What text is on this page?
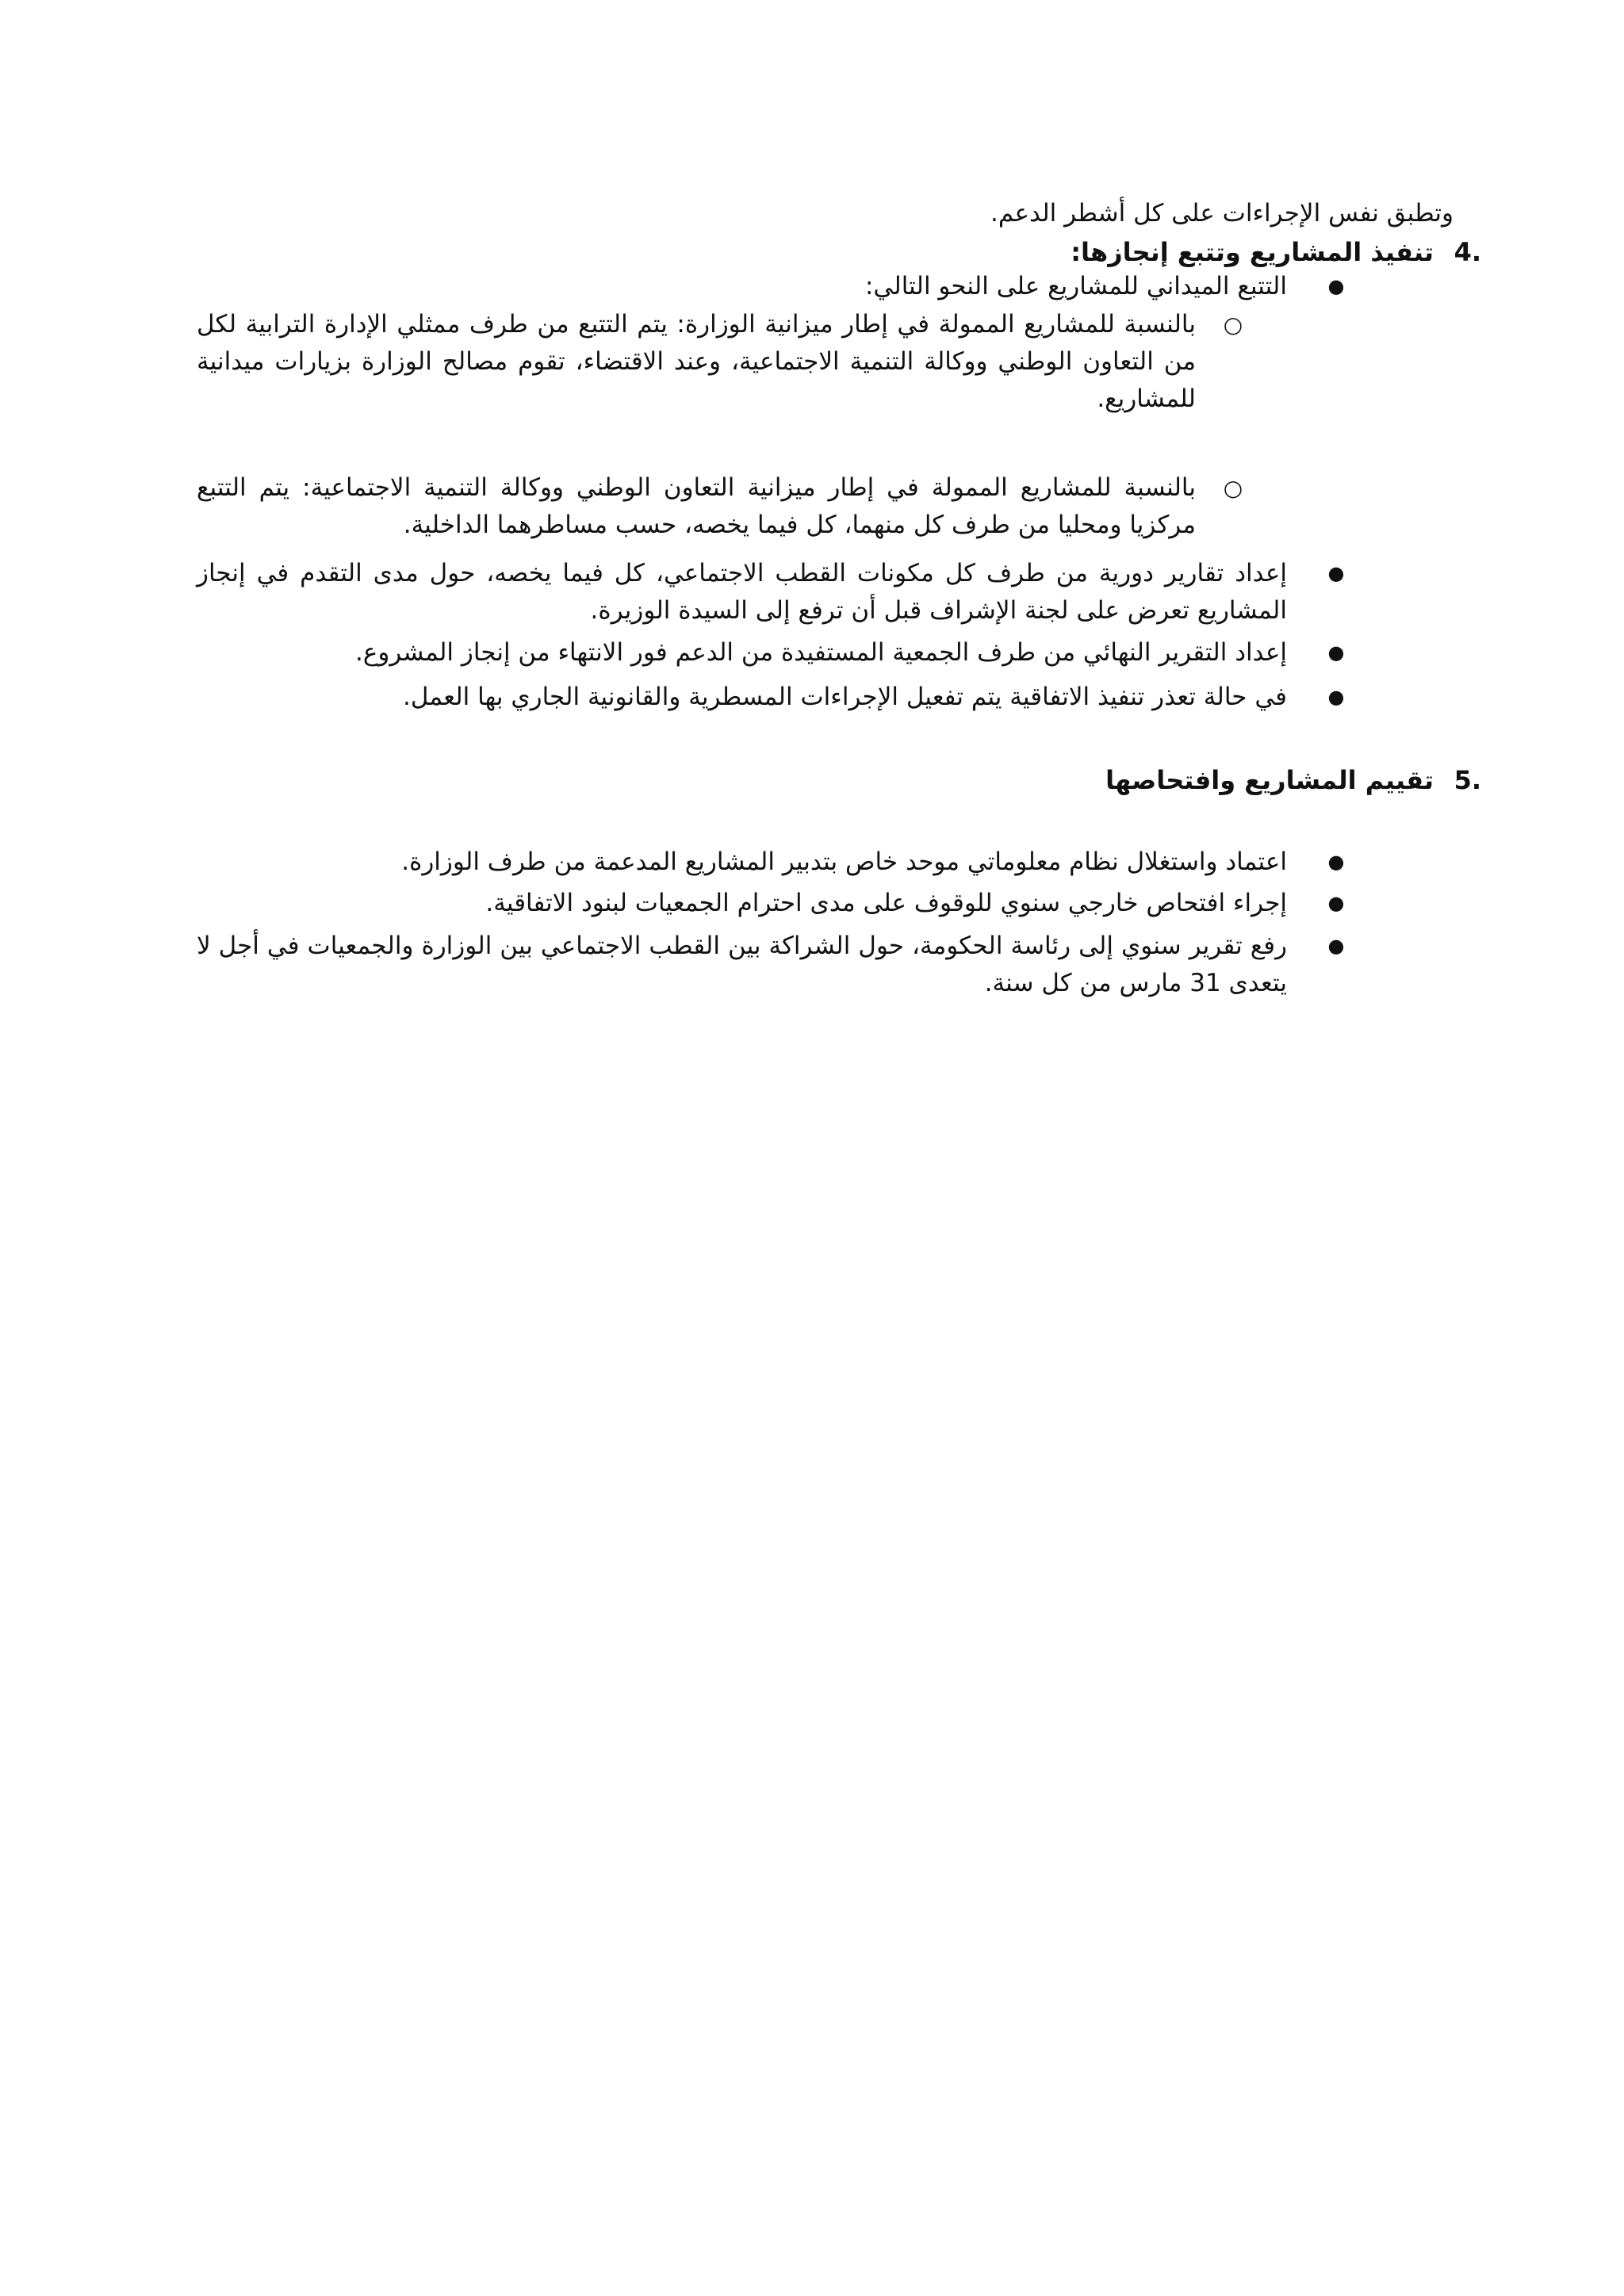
وتطبق نفس الإجراءات على كل أشطر الدعم.
4.
تنفيذ المشاريع وتتبع إنجازها:
●
التتبع الميداني للمشاريع على النحو التالي:
○
بالنسبة للمشاريع الممولة في إطار ميزانية الوزارة: يتم التتبع من طرف ممثلي الإدارة الترابية لكل من التعاون الوطني ووكالة التنمية الاجتماعية، وعند الاقتضاء، تقوم مصالح الوزارة بزيارات ميدانية للمشاريع.
○
بالنسبة للمشاريع الممولة في إطار ميزانية التعاون الوطني ووكالة التنمية الاجتماعية: يتم التتبع مركزيا ومحليا من طرف كل منهما، كل فيما يخصه، حسب مساطرهما الداخلية.
●
إعداد تقارير دورية من طرف كل مكونات القطب الاجتماعي، كل فيما يخصه، حول مدى التقدم في إنجاز المشاريع تعرض على لجنة الإشراف قبل أن ترفع إلى السيدة الوزيرة.
●
إعداد التقرير النهائي من طرف الجمعية المستفيدة من الدعم فور الانتهاء من إنجاز المشروع.
●
في حالة تعذر تنفيذ الاتفاقية يتم تفعيل الإجراءات المسطرية والقانونية الجاري بها العمل.
5.
تقييم المشاريع وافتحاصها
●
اعتماد واستغلال نظام معلوماتي موحد خاص بتدبير المشاريع المدعمة من طرف الوزارة.
●
إجراء افتحاص خارجي سنوي للوقوف على مدى احترام الجمعيات لبنود الاتفاقية.
●
رفع تقرير سنوي إلى رئاسة الحكومة، حول الشراكة بين القطب الاجتماعي بين الوزارة والجمعيات في أجل لا يتعدى 31 مارس من كل سنة.
